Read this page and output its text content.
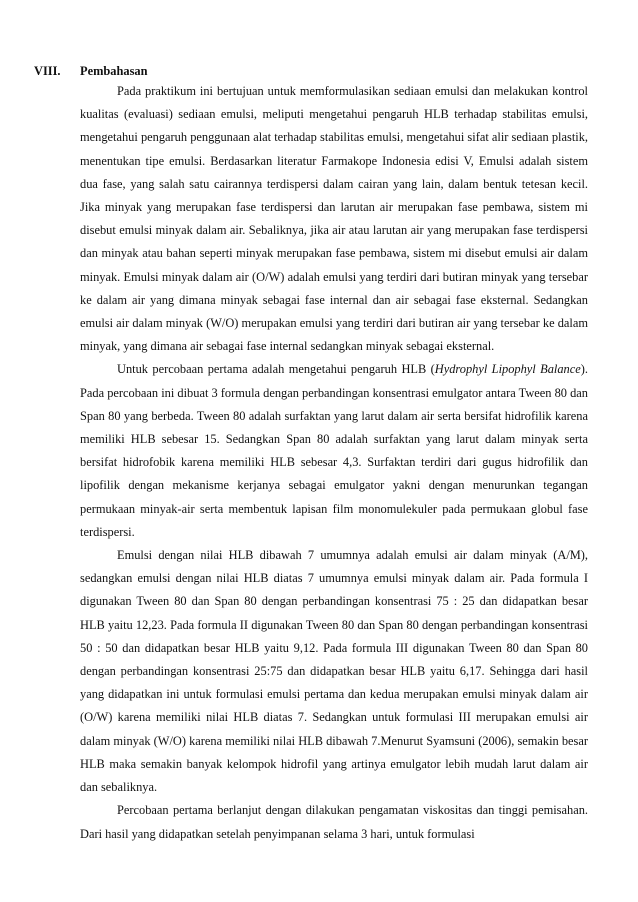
VIII. Pembahasan

Pada praktikum ini bertujuan untuk memformulasikan sediaan emulsi dan melakukan kontrol kualitas (evaluasi) sediaan emulsi, meliputi mengetahui pengaruh HLB terhadap stabilitas emulsi, mengetahui pengaruh penggunaan alat terhadap stabilitas emulsi, mengetahui sifat alir sediaan plastik, menentukan tipe emulsi. Berdasarkan literatur Farmakope Indonesia edisi V, Emulsi adalah sistem dua fase, yang salah satu cairannya terdispersi dalam cairan yang lain, dalam bentuk tetesan kecil. Jika minyak yang merupakan fase terdispersi dan larutan air merupakan fase pembawa, sistem mi disebut emulsi minyak dalam air. Sebaliknya, jika air atau larutan air yang merupakan fase terdispersi dan minyak atau bahan seperti minyak merupakan fase pembawa, sistem mi disebut emulsi air dalam minyak. Emulsi minyak dalam air (O/W) adalah emulsi yang terdiri dari butiran minyak yang tersebar ke dalam air yang dimana minyak sebagai fase internal dan air sebagai fase eksternal. Sedangkan emulsi air dalam minyak (W/O) merupakan emulsi yang terdiri dari butiran air yang tersebar ke dalam minyak, yang dimana air sebagai fase internal sedangkan minyak sebagai eksternal.

Untuk percobaan pertama adalah mengetahui pengaruh HLB (Hydrophyl Lipophyl Balance). Pada percobaan ini dibuat 3 formula dengan perbandingan konsentrasi emulgator antara Tween 80 dan Span 80 yang berbeda. Tween 80 adalah surfaktan yang larut dalam air serta bersifat hidrofilik karena memiliki HLB sebesar 15. Sedangkan Span 80 adalah surfaktan yang larut dalam minyak serta bersifat hidrofobik karena memiliki HLB sebesar 4,3. Surfaktan terdiri dari gugus hidrofilik dan lipofilik dengan mekanisme kerjanya sebagai emulgator yakni dengan menurunkan tegangan permukaan minyak-air serta membentuk lapisan film monomulekuler pada permukaan globul fase terdispersi.

Emulsi dengan nilai HLB dibawah 7 umumnya adalah emulsi air dalam minyak (A/M), sedangkan emulsi dengan nilai HLB diatas 7 umumnya emulsi minyak dalam air. Pada formula I digunakan Tween 80 dan Span 80 dengan perbandingan konsentrasi 75 : 25 dan didapatkan besar HLB yaitu 12,23. Pada formula II digunakan Tween 80 dan Span 80 dengan perbandingan konsentrasi 50 : 50 dan didapatkan besar HLB yaitu 9,12. Pada formula III digunakan Tween 80 dan Span 80 dengan perbandingan konsentrasi 25:75 dan didapatkan besar HLB yaitu 6,17. Sehingga dari hasil yang didapatkan ini untuk formulasi emulsi pertama dan kedua merupakan emulsi minyak dalam air (O/W) karena memiliki nilai HLB diatas 7. Sedangkan untuk formulasi III merupakan emulsi air dalam minyak (W/O) karena memiliki nilai HLB dibawah 7.Menurut Syamsuni (2006), semakin besar HLB maka semakin banyak kelompok hidrofil yang artinya emulgator lebih mudah larut dalam air dan sebaliknya.

Percobaan pertama berlanjut dengan dilakukan pengamatan viskositas dan tinggi pemisahan. Dari hasil yang didapatkan setelah penyimpanan selama 3 hari, untuk formulasi
